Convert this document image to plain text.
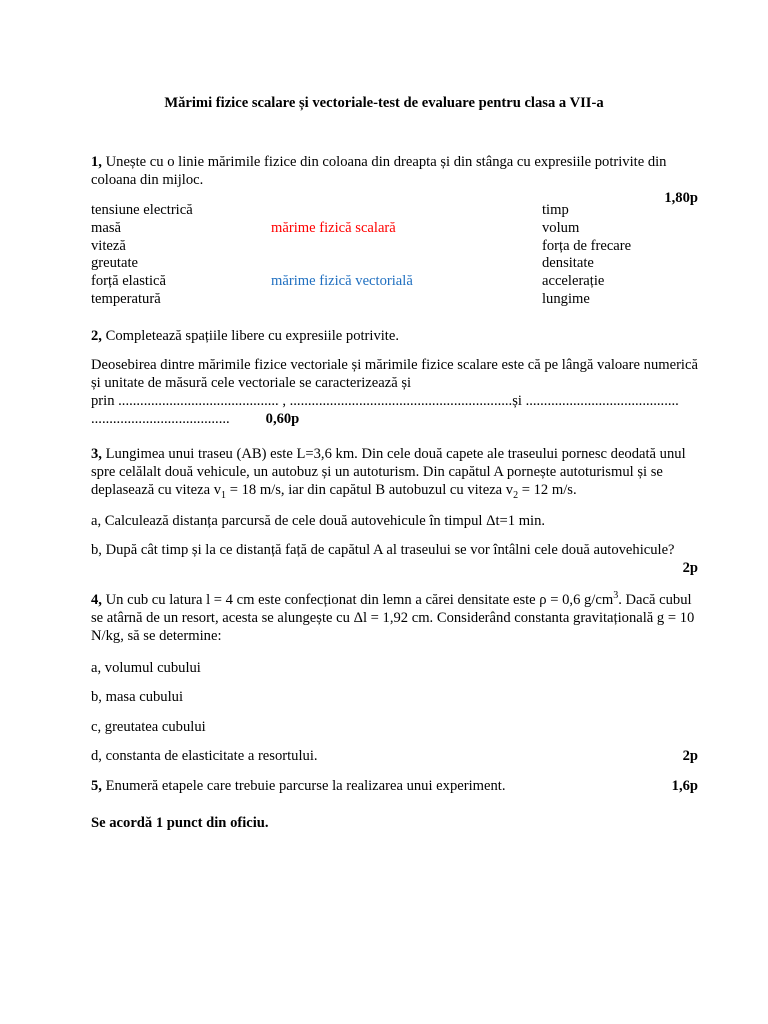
Mărimi fizice scalare și vectoriale-test de evaluare pentru clasa a VII-a

1, Unește cu o linie mărimile fizice din coloana din dreapta și din stânga cu expresiile potrivite din coloana din mijloc.

1,80p
tensiune electrică
masă
viteză
greutate
forță elastică
temperatură
mărime fizică scalară
mărime fizică vectorială
timp
volum
forța de frecare
densitate
accelerație
lungime

2, Completează spațiile libere cu expresiile potrivite.

Deosebirea dintre mărimile fizice vectoriale și mărimile fizice scalare este că pe lângă valoare numerică și unitate de măsură cele vectoriale se caracterizează și

prin ............................................ , .............................................................și ..........................................
...................................... 0,60p

3, Lungimea unui traseu (AB) este L=3,6 km. Din cele două capete ale traseului pornesc deodată unul spre celălalt două vehicule, un autobuz și un autoturism. Din capătul A pornește autoturismul și se deplasează cu viteza $v_1 = 18$ m/s, iar din capătul B autobuzul cu viteza $v_2 = 12$ m/s.

a, Calculează distanța parcursă de cele două autovehicule în timpul Δt=1 min.

b, După cât timp și la ce distanță față de capătul A al traseului se vor întâlni cele două autovehicule?

2p

4, Un cub cu latura l = 4 cm este confecționat din lemn a cărei densitate este ρ = 0,6 $g/cm^3$. Dacă cubul se atârnă de un resort, acesta se alungește cu Δl = 1,92 cm. Considerând constanta gravitațională g = 10 N/kg, să se determine:

a, volumul cubului
b, masa cubului
c, greutatea cubului
d, constanta de elasticitate a resortului.	2p
5, Enumeră etapele care trebuie parcurse la realizarea unui experiment.	1,6p
Se acordă 1 punct din oficiu.
